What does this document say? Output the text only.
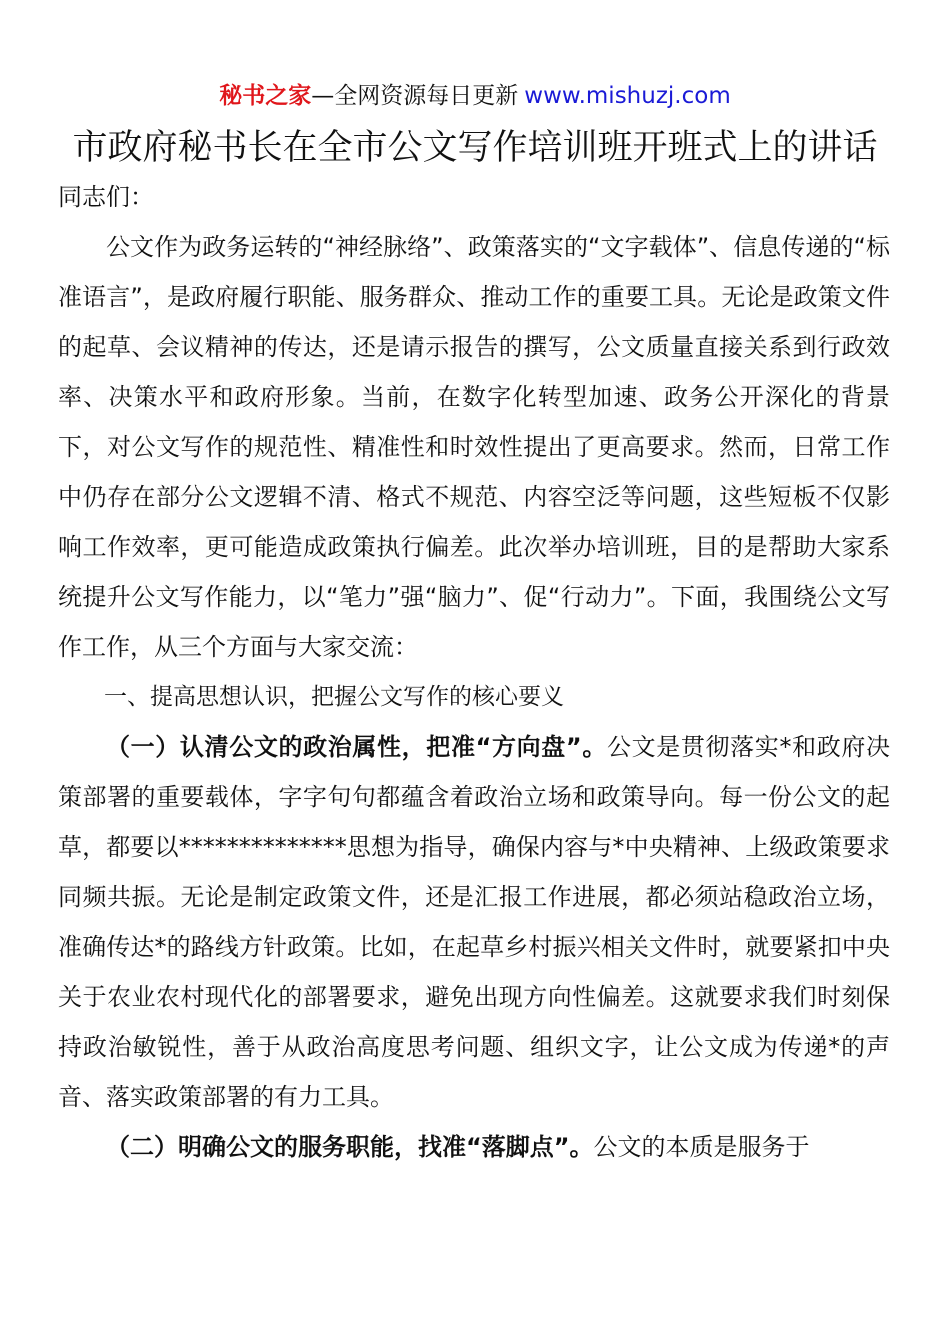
秘书之家—全网资源每日更新 www.mishuzj.com
市政府秘书长在全市公文写作培训班开班式上的讲话

同志们：

公文作为政务运转的“神经脉络”、政策落实的“文字载体”、信息传递的“标准语言”，是政府履行职能、服务群众、推动工作的重要工具。无论是政策文件的起草、会议精神的传达，还是请示报告的撰写，公文质量直接关系到行政效率、决策水平和政府形象。当前，在数字化转型加速、政务公开深化的背景下，对公文写作的规范性、精准性和时效性提出了更高要求。然而，日常工作中仍存在部分公文逻辑不清、格式不规范、内容空泛等问题，这些短板不仅影响工作效率，更可能造成政策执行偏差。此次举办培训班，目的是帮助大家系统提升公文写作能力，以“笔力”强“脑力”、促“行动力”。下面，我围绕公文写作工作，从三个方面与大家交流：

一、提高思想认识，把握公文写作的核心要义

（一）认清公文的政治属性，把准“方向盘”。公文是贯彻落实*和政府决策部署的重要载体，字字句句都蕴含着政治立场和政策导向。每一份公文的起草，都要以**************思想为指导，确保内容与*中央精神、上级政策要求同频共振。无论是制定政策文件，还是汇报工作进展，都必须站稳政治立场，准确传达*的路线方针政策。比如，在起草乡村振兴相关文件时，就要紧扣中央关于农业农村现代化的部署要求，避免出现方向性偏差。这就要求我们时刻保持政治敏锐性，善于从政治高度思考问题、组织文字，让公文成为传递*的声音、落实政策部署的有力工具。

（二）明确公文的服务职能，找准“落脚点”。公文的本质是服务于
